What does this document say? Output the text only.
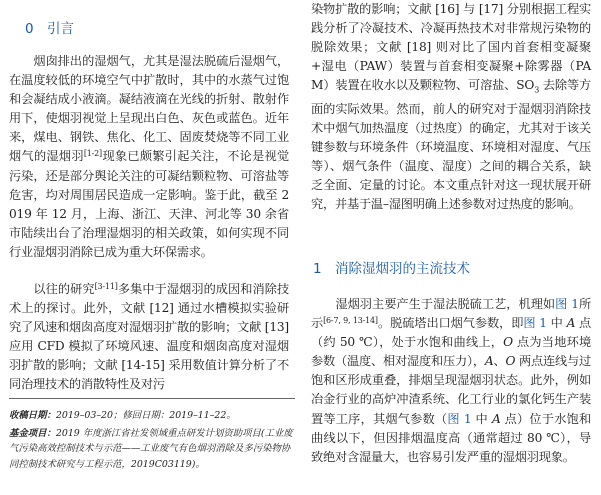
0 引言

烟囱排出的湿烟气，尤其是湿法脱硫后湿烟气，在温度较低的环境空气中扩散时，其中的水蒸气过饱和会凝结成小液滴。凝结液滴在光线的折射、散射作用下，使烟羽视觉上呈现出白色、灰色或蓝色。近年来，煤电、钢铁、焦化、化工、固废焚烧等不同工业烟气的湿烟羽[1-2]现象已颇繁引起关注，不论是视觉污染，还是部分舆论关注的可凝结颗粒物、可溶盐等危害，均对周围居民造成一定影响。鉴于此，截至 2019 年 12 月，上海、浙江、天津、河北等 30 余省市陆续出台了治理湿烟羽的相关政策，如何实现不同行业湿烟羽消除已成为重大环保需求。

以往的研究[3-11]多集中于湿烟羽的成因和消除技术上的探讨。此外，文献 [12] 通过水槽模拟实验研究了风速和烟囱高度对湿烟羽扩散的影响；文献 [13] 应用 CFD 模拟了环境风速、温度和烟囱高度对湿烟羽扩散的影响；文献 [14-15] 采用数值计算分析了不同治理技术的消散特性及对污

收稿日期：2019–03–20；修回日期：2019–11–22。

基金项目：2019 年度浙江省社发领域重点研发计划资助项目(工业废气污染高效控制技术与示范——工业废气有色烟羽消除及多污染物协同控制技术研究与工程示范，2019C03119)。

染物扩散的影响；文献 [16] 与 [17] 分别根据工程实践分析了冷凝技术、冷凝再热技术对非常规污染物的脱除效果；文献 [18] 则对比了国内首套相变凝聚+湿电（PAW）装置与首套相变凝聚+除雾器（PAM）装置在收水以及颗粒物、可溶盐、$SO_3$ 去除等方面的实际效果。然而，前人的研究对于湿烟羽消除技术中烟气加热温度（过热度）的确定，尤其对于该关键参数与环境条件（环境温度、环境相对湿度、气压等）、烟气条件（温度、湿度）之间的耦合关系，缺乏全面、定量的讨论。本文重点针对这一现状展开研究，并基于温–湿图明确上述参数对过热度的影响。

1 消除湿烟羽的主流技术

湿烟羽主要产生于湿法脱硫工艺，机理如图 1所示[6-7, 9, 13-14]。脱硫塔出口烟气参数，即图 1 中 A 点（约 50 ℃），处于水饱和曲线上，O 点为当地环境参数（温度、相对湿度和压力），A、O 两点连线与过饱和区形成重叠，排烟呈现湿烟羽状态。此外，例如冶金行业的高炉冲渣系统、化工行业的氯化钙生产装置等工序，其烟气参数（图 1 中 A 点）位于水饱和曲线以下，但因排烟温度高（通常超过 80 ℃），导致绝对含湿量大，也容易引发严重的湿烟羽现象。
